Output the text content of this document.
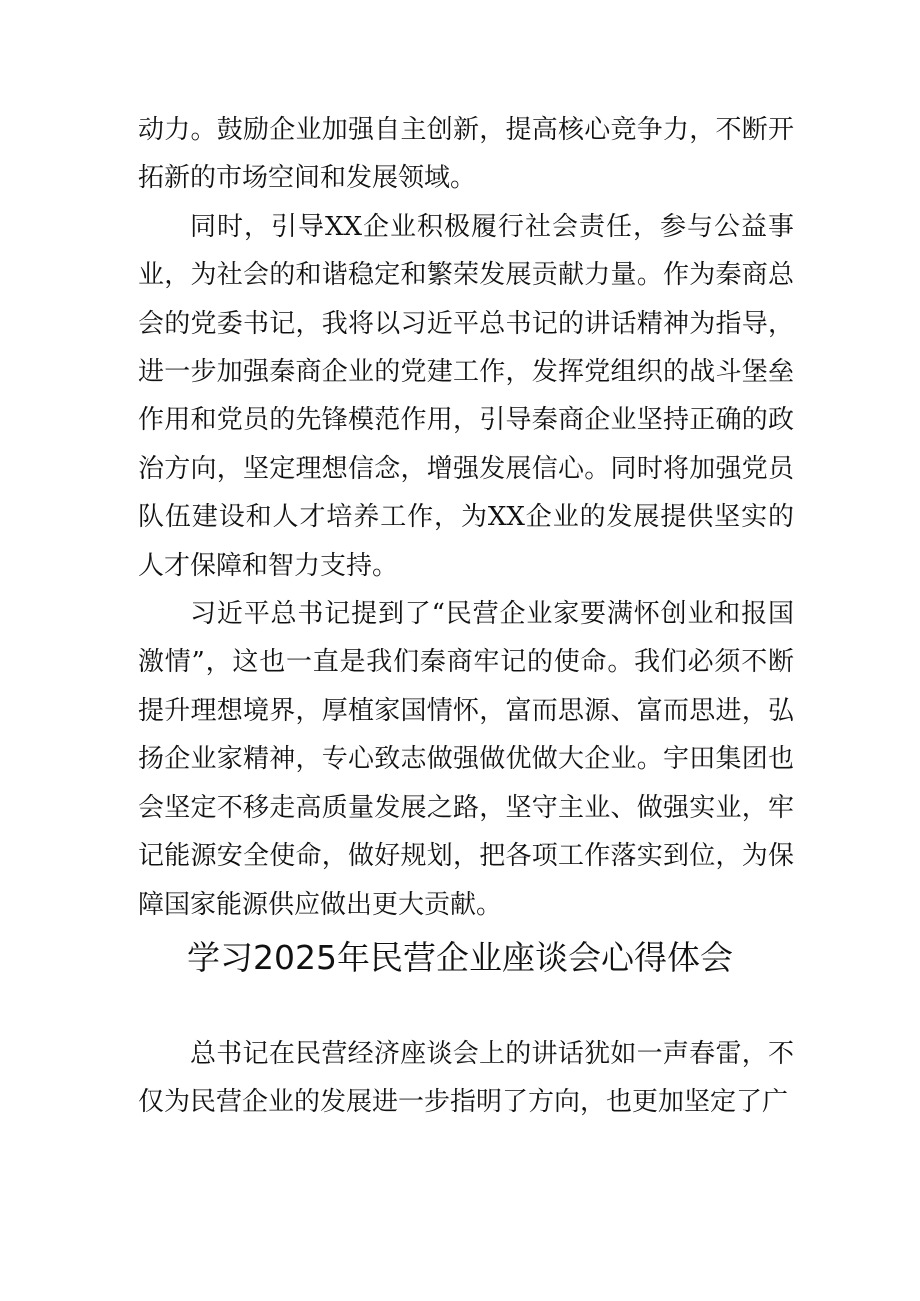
动力。鼓励企业加强自主创新，提高核心竞争力，不断开拓新的市场空间和发展领域。

同时，引导XX企业积极履行社会责任，参与公益事业，为社会的和谐稳定和繁荣发展贡献力量。作为秦商总会的党委书记，我将以习近平总书记的讲话精神为指导，进一步加强秦商企业的党建工作，发挥党组织的战斗堡垒作用和党员的先锋模范作用，引导秦商企业坚持正确的政治方向，坚定理想信念，增强发展信心。同时将加强党员队伍建设和人才培养工作，为XX企业的发展提供坚实的人才保障和智力支持。

习近平总书记提到了“民营企业家要满怀创业和报国激情”，这也一直是我们秦商牢记的使命。我们必须不断提升理想境界，厚植家国情怀，富而思源、富而思进，弘扬企业家精神，专心致志做强做优做大企业。宇田集团也会坚定不移走高质量发展之路，坚守主业、做强实业，牢记能源安全使命，做好规划，把各项工作落实到位，为保障国家能源供应做出更大贡献。

学习2025年民营企业座谈会心得体会

总书记在民营经济座谈会上的讲话犹如一声春雷，不仅为民营企业的发展进一步指明了方向，也更加坚定了广
